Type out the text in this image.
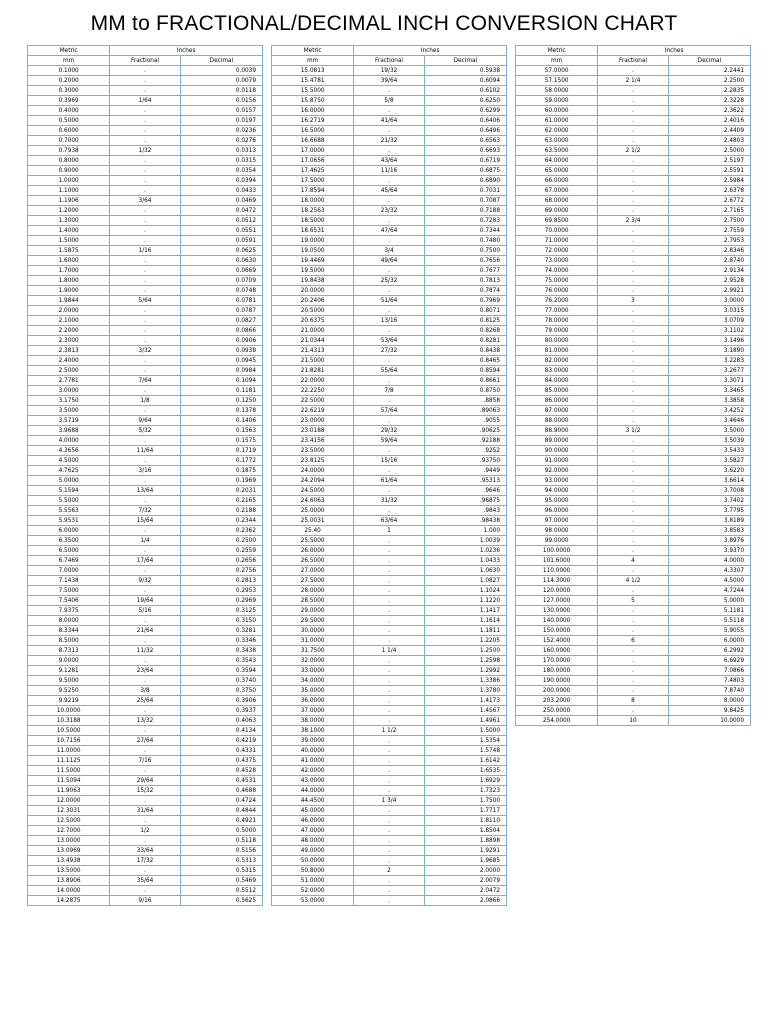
MM to FRACTIONAL/DECIMAL INCH CONVERSION CHART
Metric	Inches	
mm	Fractional	Decimal
0.1000	.	0.0039
0.2000	.	0.0079
0.3000	.	0.0118
0.3969	1/64	0.0156
0.4000	.	0.0157
0.5000	.	0.0197
0.6000	.	0.0236
0.7000	.	0.0276
0.7938	1/32	0.0313
0.8000	.	0.0315
0.9000	.	0.0354
1.0000	.	0.0394
1.1000	.	0.0433
1.1906	3/64	0.0469
1.2000	.	0.0472
1.3000	.	0.0512
1.4000	.	0.0551
1.5000	.	0.0591
1.5875	1/16	0.0625
1.6000	.	0.0630
1.7000	.	0.0669
1.8000	.	0.0709
1.9000	.	0.0748
1.9844	5/64	0.0781
2.0000	.	0.0787
2.1000	.	0.0827
2.2000	.	0.0866
2.3000	.	0.0906
2.3813	3/32	0.0938
2.4000	.	0.0945
2.5000	.	0.0984
2.7781	7/64	0.1094
3.0000	.	0.1181
3.1750	1/8	0.1250
3.5000	.	0.1378
3.5719	9/64	0.1406
3.9688	5/32	0.1563
4.0000	.	0.1575
4.3656	11/64	0.1719
4.5000	.	0.1772
4.7625	3/16	0.1875
5.0000	.	0.1969
5.1594	13/64	0.2031
5.5000	.	0.2165
5.5563	7/32	0.2188
5.9531	15/64	0.2344
6.0000	.	0.2362
6.3500	1/4	0.2500
6.5000	.	0.2559
6.7469	17/64	0.2656
7.0000	.	0.2756
7.1438	9/32	0.2813
7.5000	.	0.2953
7.5406	19/64	0.2969
7.9375	5/16	0.3125
8.0000	.	0.3150
8.3344	21/64	0.3281
8.5000	.	0.3346
8.7313	11/32	0.3438
9.0000	.	0.3543
9.1281	23/64	0.3594
9.5000	.	0.3740
9.5250	3/8	0.3750
9.9219	25/64	0.3906
10.0000	.	0.3937
10.3188	13/32	0.4063
10.5000	.	0.4134
10.7156	27/64	0.4219
11.0000	.	0.4331
11.1125	7/16	0.4375
11.5000	.	0.4528
11.5094	29/64	0.4531
11.9063	15/32	0.4688
12.0000	.	0.4724
12.3031	31/64	0.4844
12.5000	.	0.4921
12.7000	1/2	0.5000
13.0000	.	0.5118
13.0969	33/64	0.5156
13.4938	17/32	0.5313
13.5000	.	0.5315
13.8906	35/64	0.5469
14.0000	.	0.5512
14.2875	9/16	0.5625
Metric	Inches	
mm	Fractional	Decimal
15.0813	19/32	0.5938
15.4781	39/64	0.6094
15.5000	.	0.6102
15.8750	5/8	0.6250
16.0000	.	0.6299
16.2719	41/64	0.6406
16.5000	.	0.6496
16.6688	21/32	0.6563
17.0000	.	0.6693
17.0656	43/64	0.6719
17.4625	11/16	0.6875
17.5000	.	0.6890
17.8594	45/64	0.7031
18.0000	.	0.7087
18.2563	23/32	0.7188
18.5000	.	0.7283
18.6531	47/64	0.7344
19.0000	.	0.7480
19.0500	3/4	0.7500
19.4469	49/64	0.7656
19.5000	.	0.7677
19.8438	25/32	0.7813
20.0000	.	0.7874
20.2406	51/64	0.7969
20.5000	.	0.8071
20.6375	13/16	0.8125
21.0000	.	0.8268
21.0344	53/64	0.8281
21.4313	27/32	0.8438
21.5000	.	0.8465
21.8281	55/64	0.8594
22.0000	.	0.8661
22.2250	7/8	0.8750
22.5000	.	.8858
22.6219	57/64	.89063
23.0000	.	.9055
23.0188	29/32	.90625
23.4156	59/64	.92188
23.5000	.	.9252
23.8125	15/16	.93750
24.0000	.	.9449
24.2094	61/64	.95313
24.5000	.	.9646
24.6063	31/32	.96875
25.0000	.	.9843
25.0031	63/64	.98438
25.40	1	1.000
25.5000	.	1.0039
26.0000	.	1.0236
26.5000	.	1.0433
27.0000	.	1.0630
27.5000	.	1.0827
28.0000	.	1.1024
28.5000	.	1.1220
29.0000	.	1.1417
29.5000	.	1.1614
30.0000	.	1.1811
31.0000	.	1.2205
31.7500	1 1/4	1.2500
32.0000	.	1.2598
33.0000	.	1.2992
34.0000	.	1.3386
35.0000	.	1.3780
36.0000	.	1.4173
37.0000	.	1.4567
38.0000	.	1.4961
38.1000	1 1/2	1.5000
39.0000	.	1.5354
40.0000	.	1.5748
41.0000	.	1.6142
42.0000	.	1.6535
43.0000	.	1.6929
44.0000	.	1.7323
44.4500	1 3/4	1.7500
45.0000	.	1.7717
46.0000	.	1.8110
47.0000	.	1.8504
48.0000	.	1.8898
49.0000	.	1.9291
50.0000	.	1.9685
50.8000	2	2.0000
51.0000	.	2.0079
52.0000	.	2.0472
53.0000	.	2.0866
Metric	Inches	
mm	Fractional	Decimal
57.0000	.	2.2441
57.1500	2 1/4	2.2500
58.0000	.	2.2835
59.0000	.	2.3228
60.0000	.	2.3622
61.0000	.	2.4016
62.0000	.	2.4409
63.0000	.	2.4803
63.5000	2 1/2	2.5000
64.0000	.	2.5197
65.0000	.	2.5591
66.0000	.	2.5984
67.0000	.	2.6378
68.0000	.	2.6772
69.0000	.	2.7165
69.8500	2 3/4	2.7500
70.0000	.	2.7559
71.0000	.	2.7953
72.0000	.	2.8346
73.0000	.	2.8740
74.0000	.	2.9134
75.0000	.	2.9528
76.0000	.	2.9921
76.2000	3	3.0000
77.0000	.	3.0315
78.0000	.	3.0709
79.0000	.	3.1102
80.0000	.	3.1496
81.0000	.	3.1890
82.0000	.	3.2283
83.0000	.	3.2677
84.0000	.	3.3071
85.0000	.	3.3465
86.0000	.	3.3858
87.0000	.	3.4252
88.0000	.	3.4646
88.9000	3 1/2	3.5000
89.0000	.	3.5039
90.0000	.	3.5433
91.0000	.	3.5827
92.0000	.	3.6220
93.0000	.	3.6614
94.0000	.	3.7008
95.0000	.	3.7402
96.0000	.	3.7795
97.0000	.	3.8189
98.0000	.	3.8583
99.0000	.	3.8976
100.0000	.	3.9370
101.6000	4	4.0000
110.0000	.	4.3307
114.3000	4 1/2	4.5000
120.0000	.	4.7244
127.0000	5	5.0000
130.0000	.	5.1181
140.0000	.	5.5118
150.0000	.	5.9055
152.4000	6	6.0000
160.0000	.	6.2992
170.0000	.	6.6929
180.0000	.	7.0866
190.0000	.	7.4803
200.0000	.	7.8740
203.2000	8	8.0000
250.0000	.	9.8425
254.0000	10	10.0000
